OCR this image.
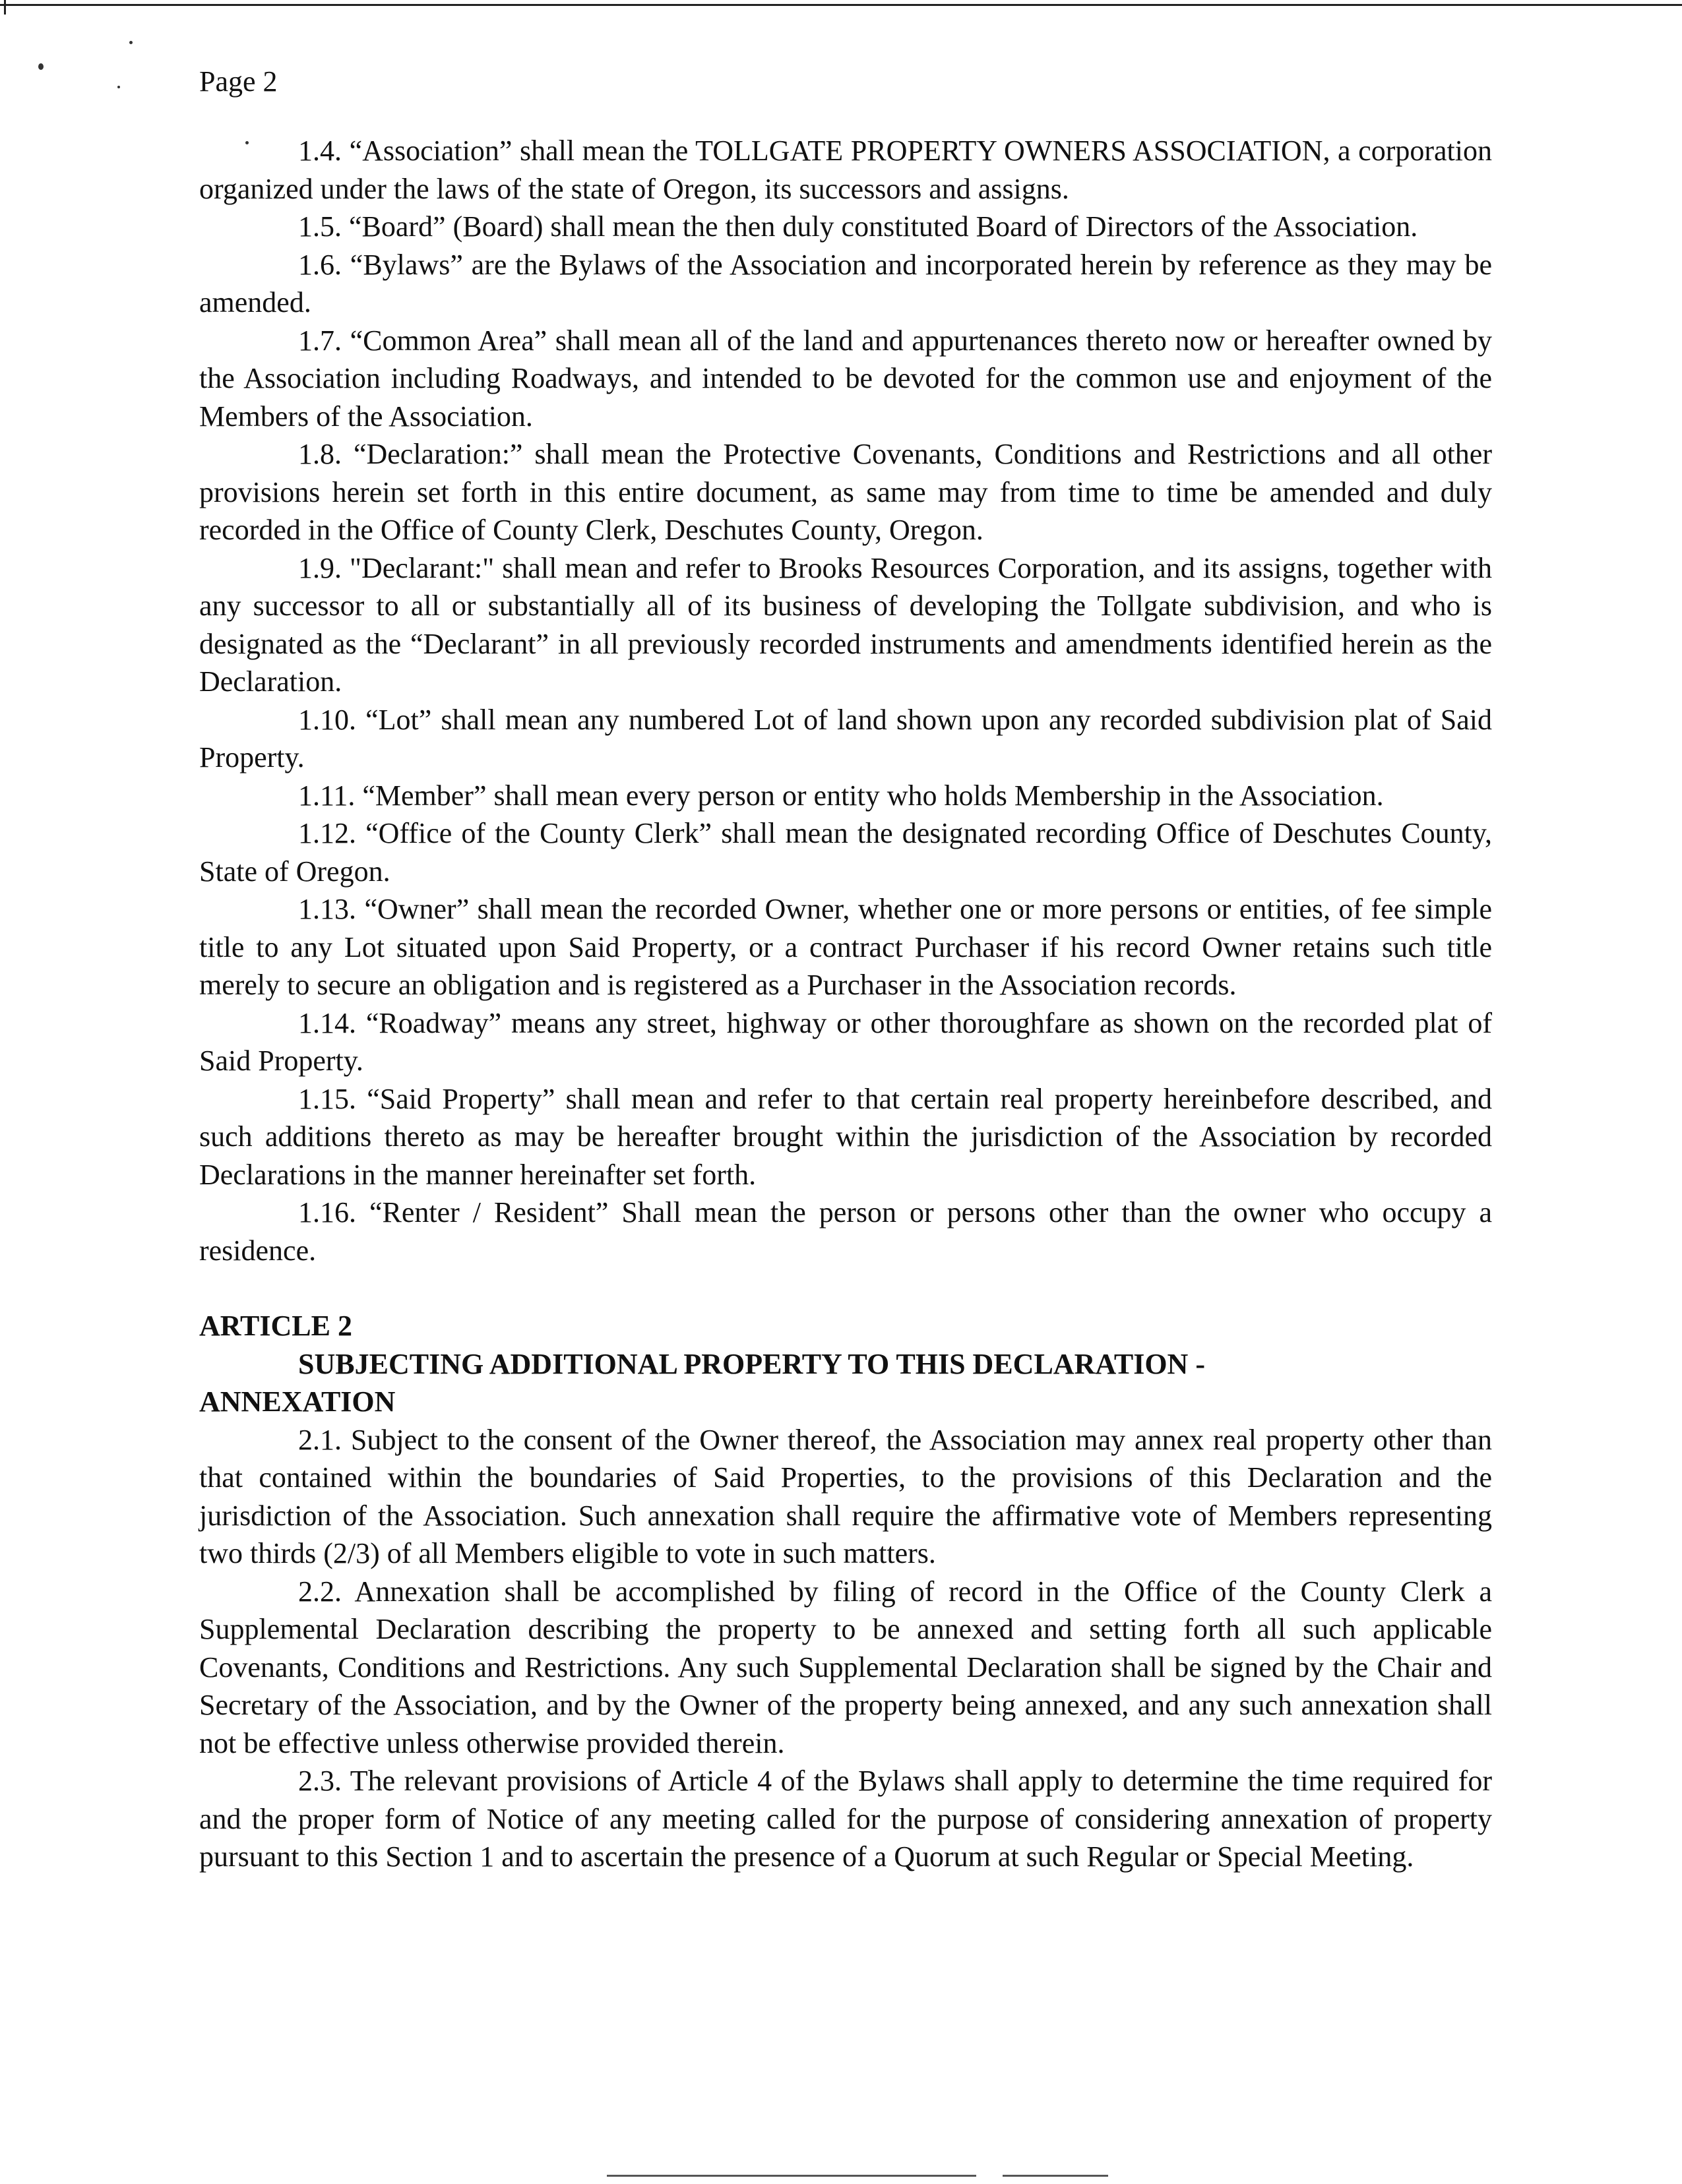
Page 2

1.4. “Association” shall mean the TOLLGATE PROPERTY OWNERS ASSOCIATION, a corporation organized under the laws of the state of Oregon, its successors and assigns.

1.5. “Board” (Board) shall mean the then duly constituted Board of Directors of the Association.

1.6. “Bylaws” are the Bylaws of the Association and incorporated herein by reference as they may be amended.

1.7. “Common Area” shall mean all of the land and appurtenances thereto now or hereafter owned by the Association including Roadways, and intended to be devoted for the common use and enjoyment of the Members of the Association.

1.8. “Declaration:” shall mean the Protective Covenants, Conditions and Restrictions and all other provisions herein set forth in this entire document, as same may from time to time be amended and duly recorded in the Office of County Clerk, Deschutes County, Oregon.

1.9. "Declarant:" shall mean and refer to Brooks Resources Corporation, and its assigns, together with any successor to all or substantially all of its business of developing the Tollgate subdivision, and who is designated as the “Declarant” in all previously recorded instruments and amendments identified herein as the Declaration.

1.10. “Lot” shall mean any numbered Lot of land shown upon any recorded subdivision plat of Said Property.

1.11. “Member” shall mean every person or entity who holds Membership in the Association.

1.12. “Office of the County Clerk” shall mean the designated recording Office of Deschutes County, State of Oregon.

1.13. “Owner” shall mean the recorded Owner, whether one or more persons or entities, of fee simple title to any Lot situated upon Said Property, or a contract Purchaser if his record Owner retains such title merely to secure an obligation and is registered as a Purchaser in the Association records.

1.14. “Roadway” means any street, highway or other thoroughfare as shown on the recorded plat of Said Property.

1.15. “Said Property” shall mean and refer to that certain real property hereinbefore described, and such additions thereto as may be hereafter brought within the jurisdiction of the Association by recorded Declarations in the manner hereinafter set forth.

1.16. “Renter / Resident” Shall mean the person or persons other than the owner who occupy a residence.

ARTICLE 2
SUBJECTING ADDITIONAL PROPERTY TO THIS DECLARATION -
ANNEXATION

2.1. Subject to the consent of the Owner thereof, the Association may annex real property other than that contained within the boundaries of Said Properties, to the provisions of this Declaration and the jurisdiction of the Association. Such annexation shall require the affirmative vote of Members representing two thirds (2/3) of all Members eligible to vote in such matters.

2.2. Annexation shall be accomplished by filing of record in the Office of the County Clerk a Supplemental Declaration describing the property to be annexed and setting forth all such applicable Covenants, Conditions and Restrictions. Any such Supplemental Declaration shall be signed by the Chair and Secretary of the Association, and by the Owner of the property being annexed, and any such annexation shall not be effective unless otherwise provided therein.

2.3. The relevant provisions of Article 4 of the Bylaws shall apply to determine the time required for and the proper form of Notice of any meeting called for the purpose of considering annexation of property pursuant to this Section 1 and to ascertain the presence of a Quorum at such Regular or Special Meeting.
